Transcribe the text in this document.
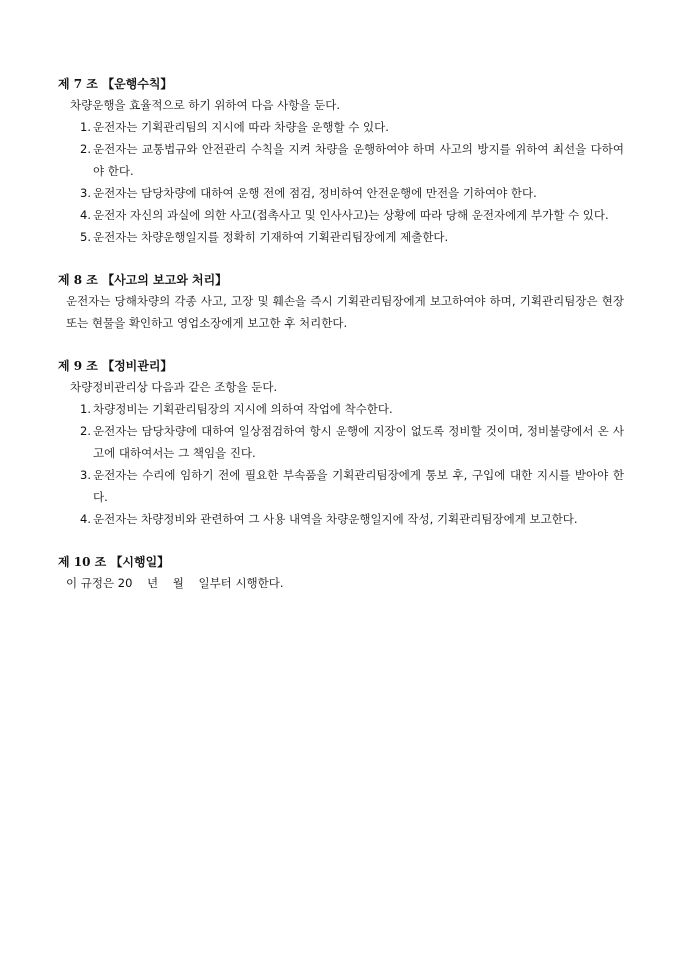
제 7 조 【운행수칙】
차량운행을 효율적으로 하기 위하여 다음 사항을 둔다.
1. 운전자는 기획관리팀의 지시에 따라 차량을 운행할 수 있다.
2. 운전자는 교통법규와 안전관리 수칙을 지켜 차량을 운행하여야 하며 사고의 방지를 위하여 최선을 다하여야 한다.
3. 운전자는 담당차량에 대하여 운행 전에 점검, 정비하여 안전운행에 만전을 기하여야 한다.
4. 운전자 자신의 과실에 의한 사고(접촉사고 및 인사사고)는 상황에 따라 당해 운전자에게 부가할 수 있다.
5. 운전자는 차량운행일지를 정확히 기재하여 기획관리팀장에게 제출한다.
제 8 조 【사고의 보고와 처리】
운전자는 당해차량의 각종 사고, 고장 및 훼손을 즉시 기획관리팀장에게 보고하여야 하며, 기획관리팀장은 현장 또는 현물을 확인하고 영업소장에게 보고한 후 처리한다.
제 9 조 【정비관리】
차량정비관리상 다음과 같은 조항을 둔다.
1. 차량정비는 기획관리팀장의 지시에 의하여 작업에 착수한다.
2. 운전자는 담당차량에 대하여 일상점검하여 항시 운행에 지장이 없도록 정비할 것이며, 정비불량에서 온 사고에 대하여서는 그 책임을 진다.
3. 운전자는 수리에 임하기 전에 필요한 부속품을 기획관리팀장에게 통보 후, 구입에 대한 지시를 받아야 한다.
4. 운전자는 차량정비와 관련하여 그 사용 내역을 차량운행일지에 작성, 기획관리팀장에게 보고한다.
제 10 조 【시행일】
이 규정은 20    년    월    일부터 시행한다.
